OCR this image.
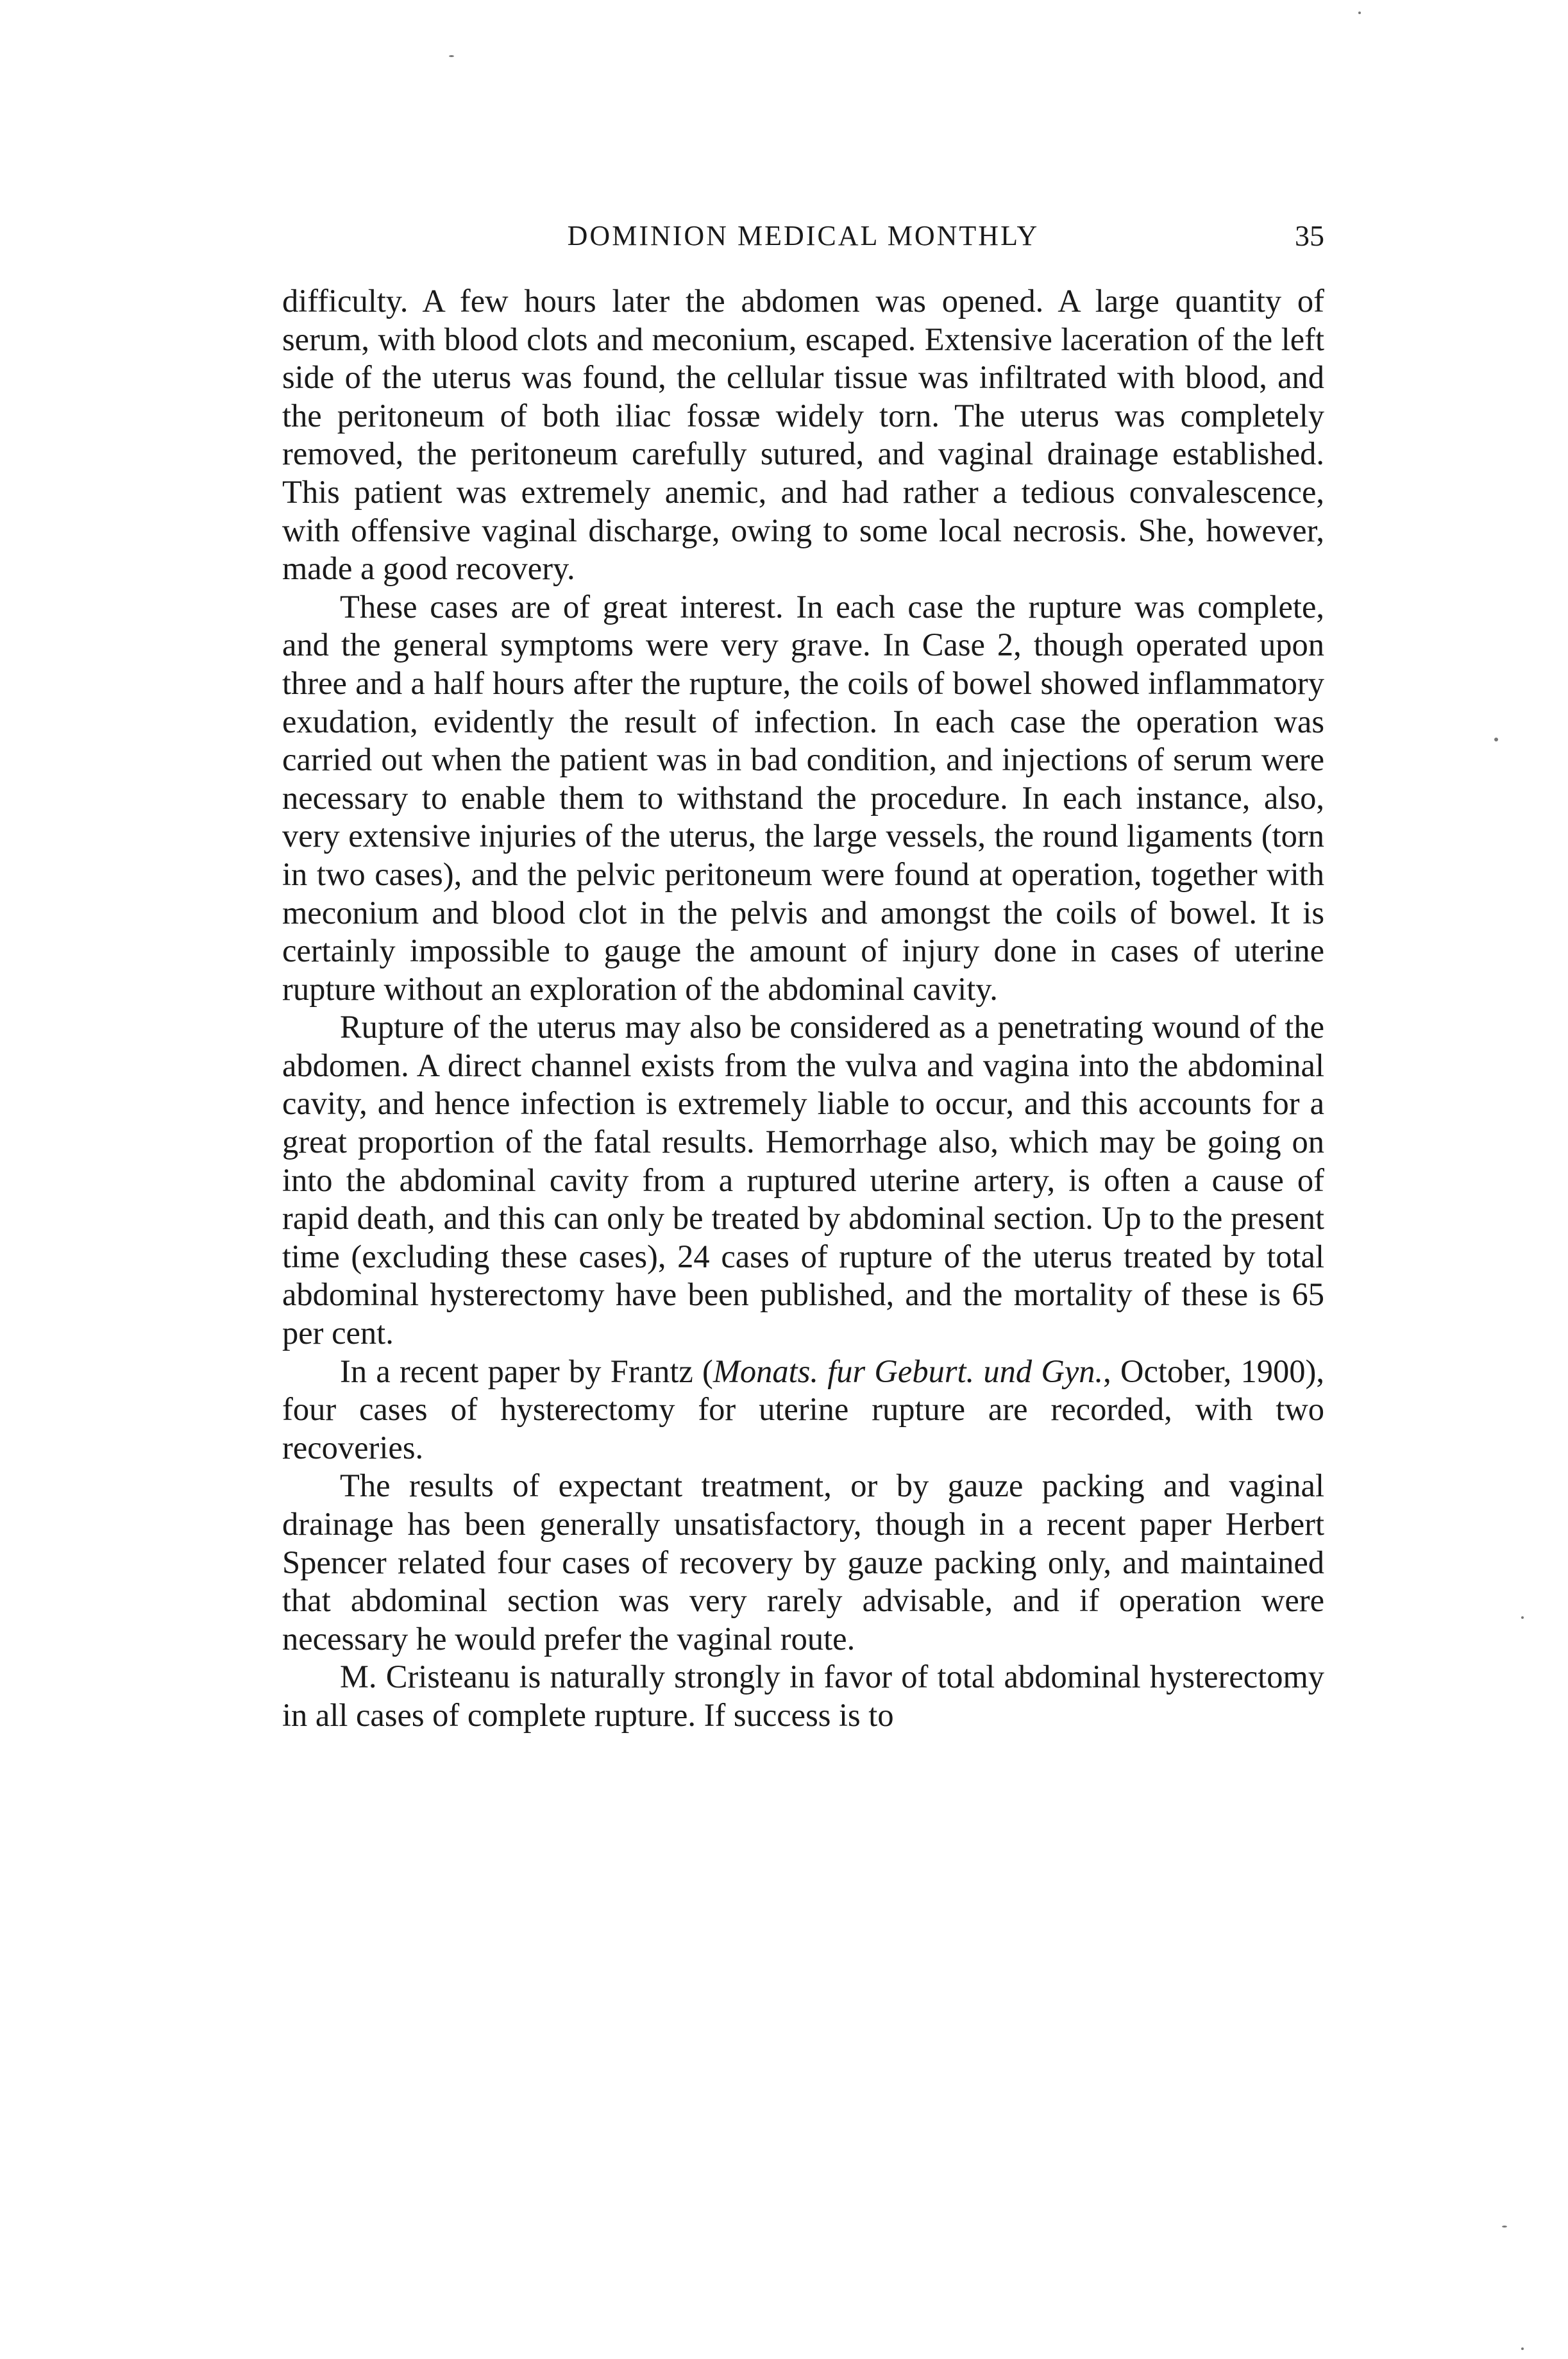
DOMINION MEDICAL MONTHLY	35

difficulty. A few hours later the abdomen was opened. A large quantity of serum, with blood clots and meconium, escaped. Extensive laceration of the left side of the uterus was found, the cellular tissue was infiltrated with blood, and the peritoneum of both iliac fossæ widely torn. The uterus was completely removed, the peritoneum carefully sutured, and vaginal drainage established. This patient was extremely anemic, and had rather a tedious convalescence, with offensive vaginal discharge, owing to some local necrosis. She, however, made a good recovery.

These cases are of great interest. In each case the rupture was complete, and the general symptoms were very grave. In Case 2, though operated upon three and a half hours after the rupture, the coils of bowel showed inflammatory exudation, evidently the result of infection. In each case the operation was carried out when the patient was in bad condition, and injections of serum were necessary to enable them to withstand the procedure. In each instance, also, very extensive injuries of the uterus, the large vessels, the round ligaments (torn in two cases), and the pelvic peritoneum were found at operation, together with meconium and blood clot in the pelvis and amongst the coils of bowel. It is certainly impossible to gauge the amount of injury done in cases of uterine rupture without an exploration of the abdominal cavity.

Rupture of the uterus may also be considered as a penetrating wound of the abdomen. A direct channel exists from the vulva and vagina into the abdominal cavity, and hence infection is extremely liable to occur, and this accounts for a great proportion of the fatal results. Hemorrhage also, which may be going on into the abdominal cavity from a ruptured uterine artery, is often a cause of rapid death, and this can only be treated by abdominal section. Up to the present time (excluding these cases), 24 cases of rupture of the uterus treated by total abdominal hysterectomy have been published, and the mortality of these is 65 per cent.

In a recent paper by Frantz (Monats. fur Geburt. und Gyn., October, 1900), four cases of hysterectomy for uterine rupture are recorded, with two recoveries.

The results of expectant treatment, or by gauze packing and vaginal drainage has been generally unsatisfactory, though in a recent paper Herbert Spencer related four cases of recovery by gauze packing only, and maintained that abdominal section was very rarely advisable, and if operation were necessary he would prefer the vaginal route.

M. Cristeanu is naturally strongly in favor of total abdominal hysterectomy in all cases of complete rupture. If success is to
